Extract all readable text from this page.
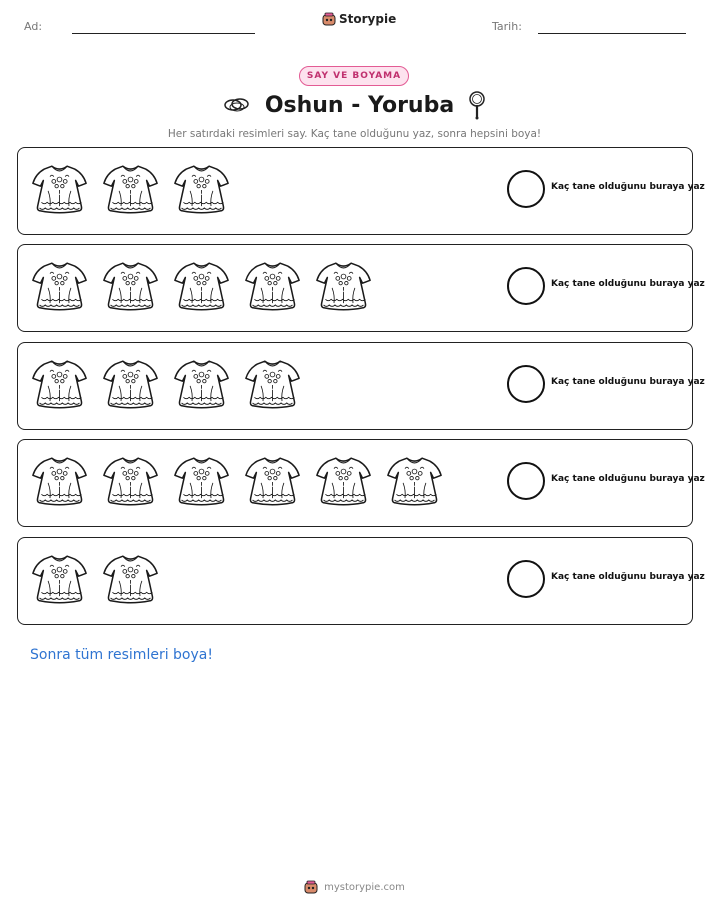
Ad:
Storypie
Tarih:
SAY VE BOYAMA
Oshun - Yoruba
Her satırdaki resimleri say. Kaç tane olduğunu yaz, sonra hepsini boya!
Kaç tane olduğunu buraya yaz
Kaç tane olduğunu buraya yaz
Kaç tane olduğunu buraya yaz
Kaç tane olduğunu buraya yaz
Kaç tane olduğunu buraya yaz
Sonra tüm resimleri boya!
mystorypie.com
